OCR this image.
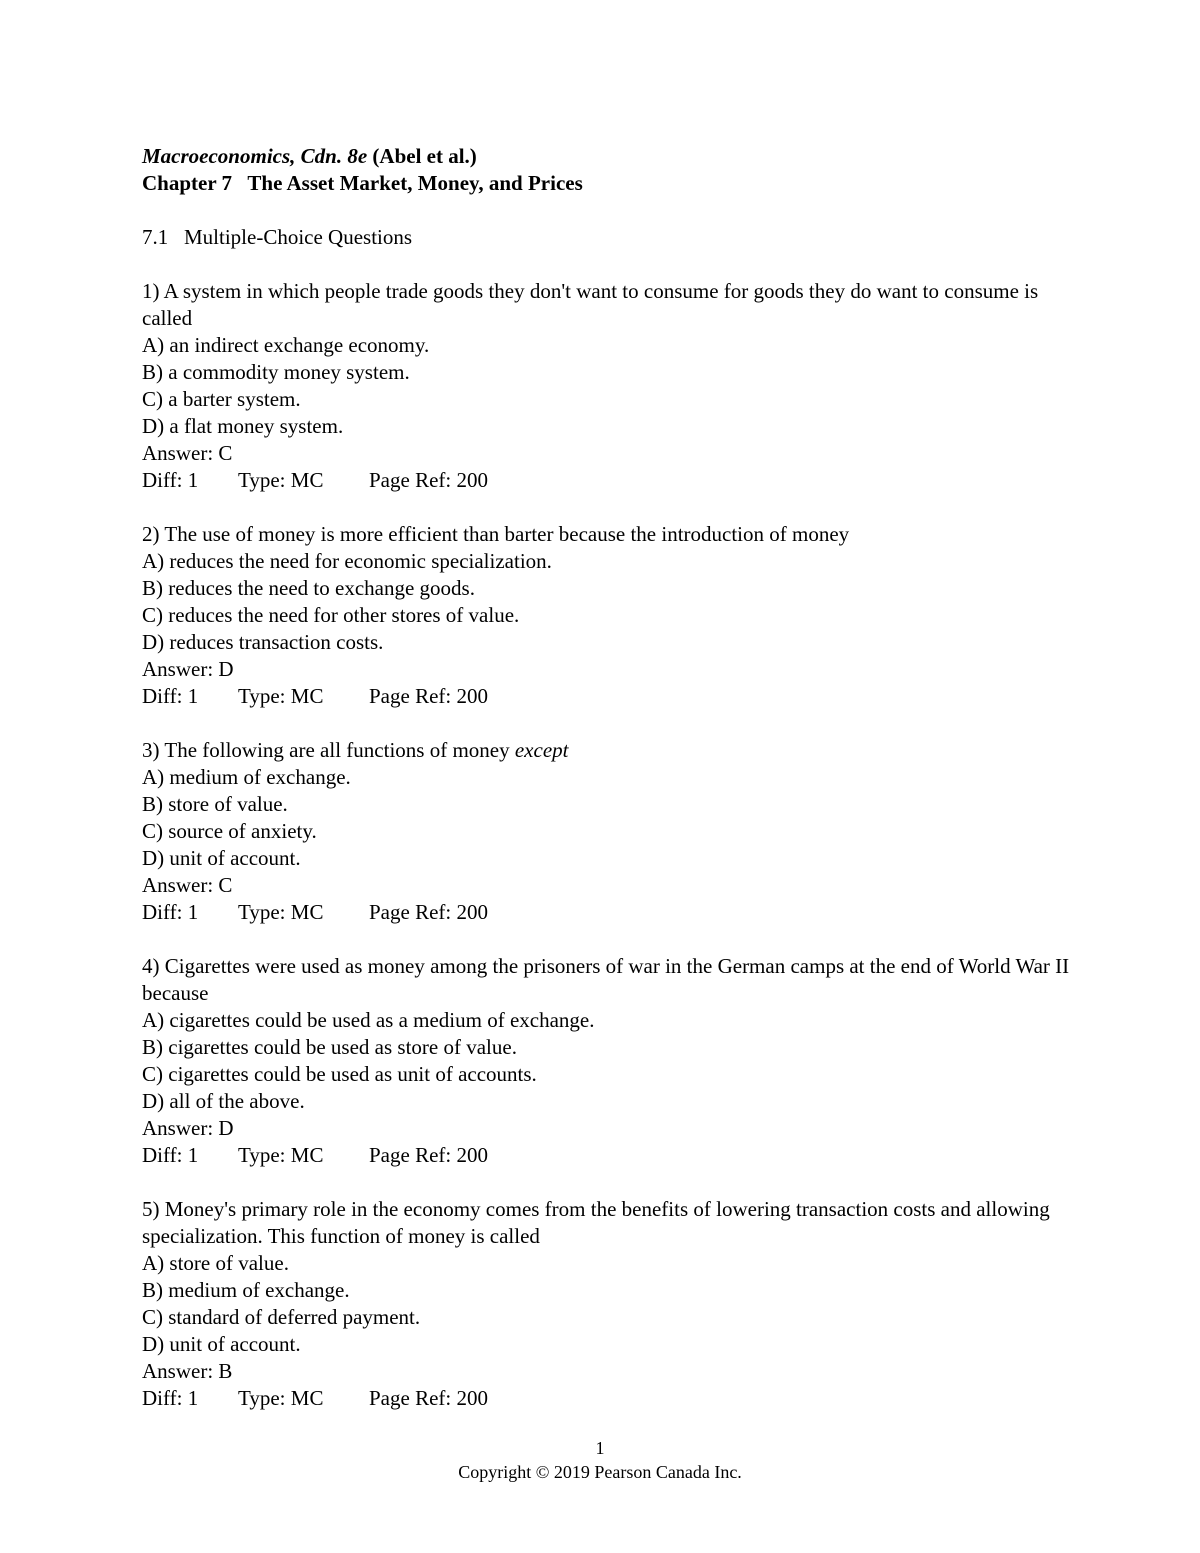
Macroeconomics, Cdn. 8e (Abel et al.)
Chapter 7   The Asset Market, Money, and Prices
7.1   Multiple-Choice Questions
1) A system in which people trade goods they don't want to consume for goods they do want to consume is called
A) an indirect exchange economy.
B) a commodity money system.
C) a barter system.
D) a flat money system.
Answer: C
Diff: 1 Type: MC Page Ref: 200
2) The use of money is more efficient than barter because the introduction of money
A) reduces the need for economic specialization.
B) reduces the need to exchange goods.
C) reduces the need for other stores of value.
D) reduces transaction costs.
Answer: D
Diff: 1 Type: MC Page Ref: 200
3) The following are all functions of money except
A) medium of exchange.
B) store of value.
C) source of anxiety.
D) unit of account.
Answer: C
Diff: 1 Type: MC Page Ref: 200
4) Cigarettes were used as money among the prisoners of war in the German camps at the end of World War II because
A) cigarettes could be used as a medium of exchange.
B) cigarettes could be used as store of value.
C) cigarettes could be used as unit of accounts.
D) all of the above.
Answer: D
Diff: 1 Type: MC Page Ref: 200
5) Money's primary role in the economy comes from the benefits of lowering transaction costs and allowing specialization. This function of money is called
A) store of value.
B) medium of exchange.
C) standard of deferred payment.
D) unit of account.
Answer: B
Diff: 1 Type: MC Page Ref: 200
1
Copyright © 2019 Pearson Canada Inc.
